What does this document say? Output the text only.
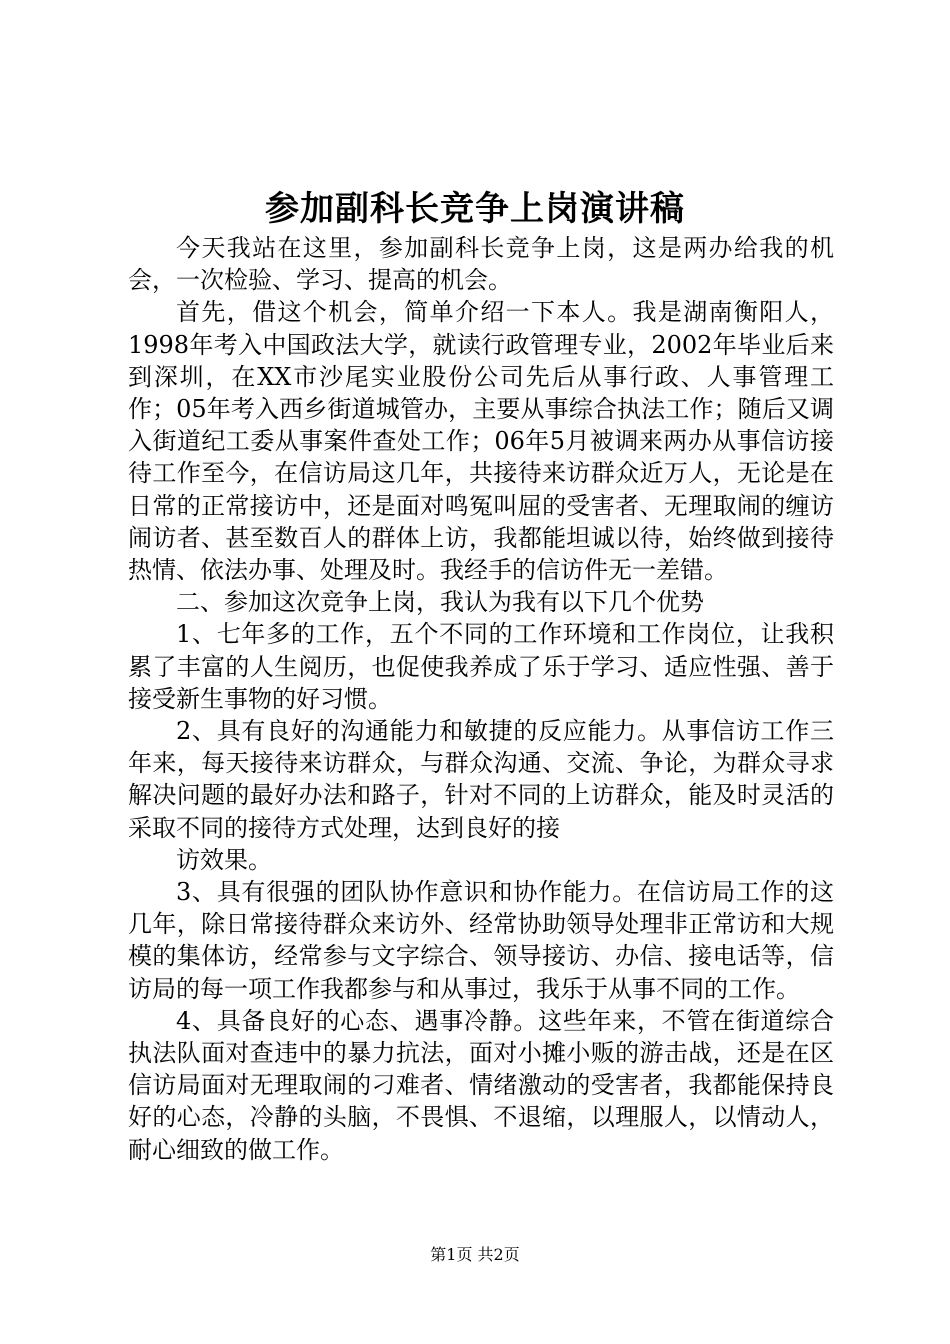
参加副科长竞争上岗演讲稿

今天我站在这里，参加副科长竞争上岗，这是两办给我的机会，一次检验、学习、提高的机会。

首先，借这个机会，简单介绍一下本人。我是湖南衡阳人，1998年考入中国政法大学，就读行政管理专业，2002年毕业后来到深圳，在XX市沙尾实业股份公司先后从事行政、人事管理工作；05年考入西乡街道城管办，主要从事综合执法工作；随后又调入街道纪工委从事案件查处工作；06年5月被调来两办从事信访接待工作至今，在信访局这几年，共接待来访群众近万人，无论是在日常的正常接访中，还是面对鸣冤叫屈的受害者、无理取闹的缠访闹访者、甚至数百人的群体上访，我都能坦诚以待，始终做到接待热情、依法办事、处理及时。我经手的信访件无一差错。

二、参加这次竞争上岗，我认为我有以下几个优势

1、七年多的工作，五个不同的工作环境和工作岗位，让我积累了丰富的人生阅历，也促使我养成了乐于学习、适应性强、善于接受新生事物的好习惯。

2、具有良好的沟通能力和敏捷的反应能力。从事信访工作三年来，每天接待来访群众，与群众沟通、交流、争论，为群众寻求解决问题的最好办法和路子，针对不同的上访群众，能及时灵活的采取不同的接待方式处理，达到良好的接

访效果。

3、具有很强的团队协作意识和协作能力。在信访局工作的这几年，除日常接待群众来访外、经常协助领导处理非正常访和大规模的集体访，经常参与文字综合、领导接访、办信、接电话等，信访局的每一项工作我都参与和从事过，我乐于从事不同的工作。

4、具备良好的心态、遇事冷静。这些年来，不管在街道综合执法队面对查违中的暴力抗法，面对小摊小贩的游击战，还是在区信访局面对无理取闹的刁难者、情绪激动的受害者，我都能保持良好的心态，冷静的头脑，不畏惧、不退缩，以理服人，以情动人，耐心细致的做工作。

第1页 共2页
